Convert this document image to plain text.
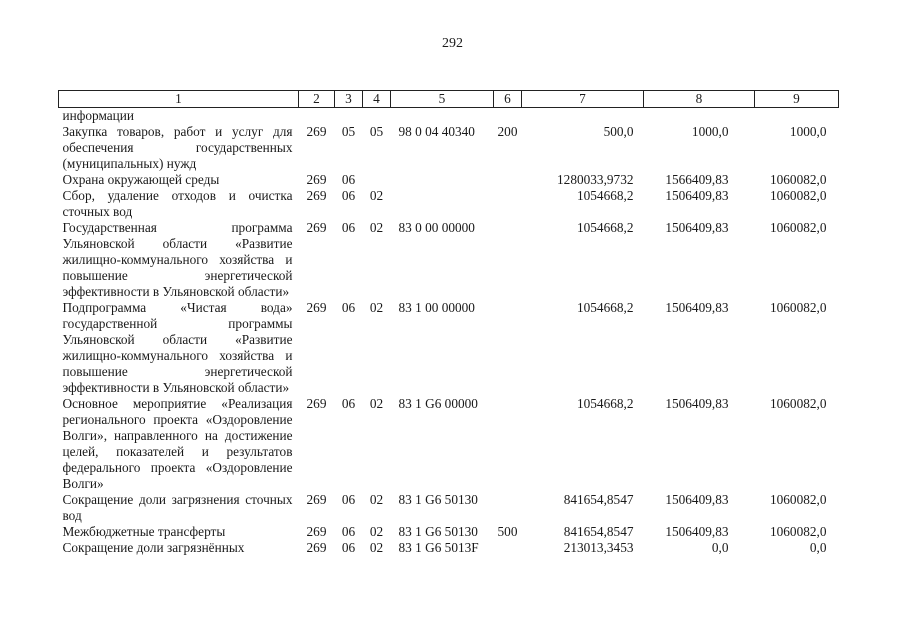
292
1	2	3	4	5	6	7	8	9
информации								
Закупка товаров, работ и услуг для обеспечения государственных (муниципальных) нужд	269	05	05	98 0 04 40340	200	500,0	1000,0	1000,0
Охрана окружающей среды	269	06				1280033,9732	1566409,83	1060082,0
Сбор, удаление отходов и очистка сточных вод	269	06	02			1054668,2	1506409,83	1060082,0
Государственная программа Ульяновской области «Развитие жилищно-коммунального хозяйства и повышение энергетической эффективности в Ульяновской области»	269	06	02	83 0 00 00000		1054668,2	1506409,83	1060082,0
Подпрограмма «Чистая вода» государственной программы Ульяновской области «Развитие жилищно-коммунального хозяйства и повышение энергетической эффективности в Ульяновской области»	269	06	02	83 1 00 00000		1054668,2	1506409,83	1060082,0
Основное мероприятие «Реализация регионального проекта «Оздоровление Волги», направленного на достижение целей, показателей и результатов федерального проекта «Оздоровление Волги»	269	06	02	83 1 G6 00000		1054668,2	1506409,83	1060082,0
Сокращение доли загрязнения сточных вод	269	06	02	83 1 G6 50130		841654,8547	1506409,83	1060082,0
Межбюджетные трансферты	269	06	02	83 1 G6 50130	500	841654,8547	1506409,83	1060082,0
Сокращение доли загрязнённых	269	06	02	83 1 G6 5013F		213013,3453	0,0	0,0
